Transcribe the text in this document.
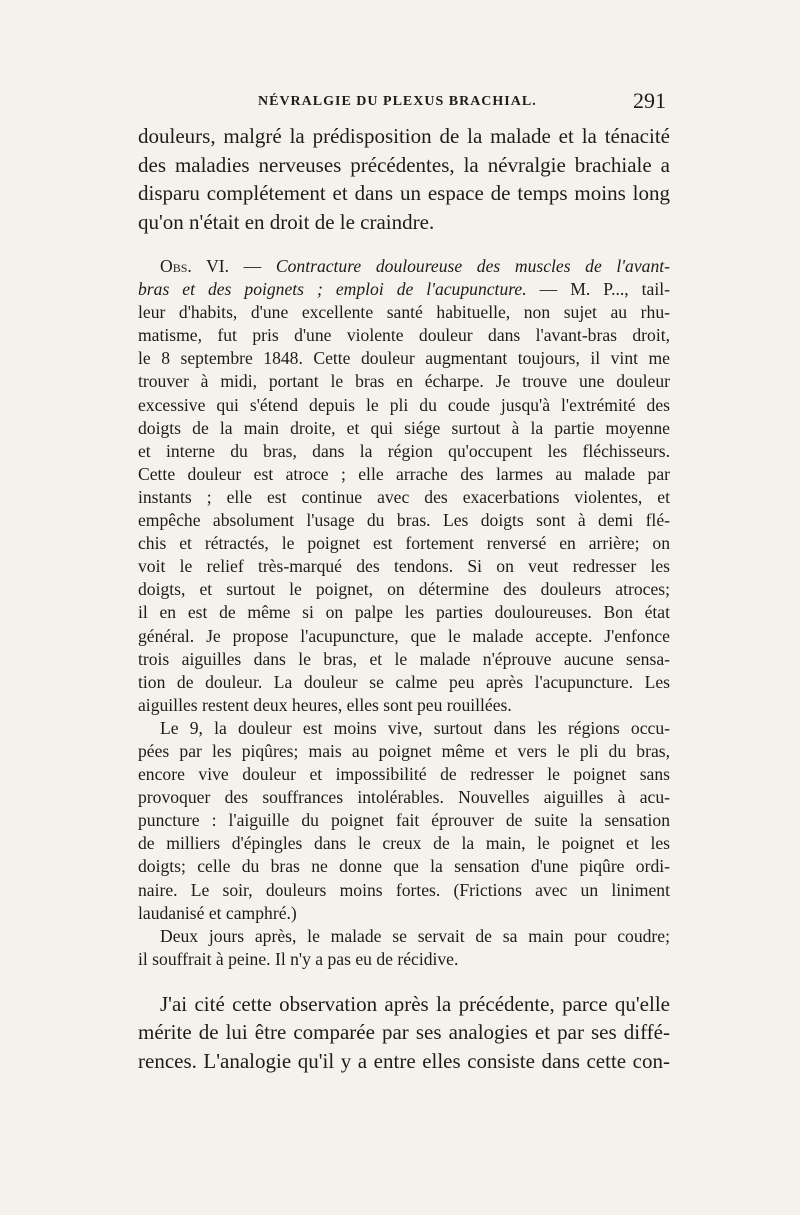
NÉVRALGIE DU PLEXUS BRACHIAL.	291
douleurs, malgré la prédisposition de la malade et la ténacité
des maladies nerveuses précédentes, la névralgie brachiale a
disparu complétement et dans un espace de temps moins long
qu'on n'était en droit de le craindre.
Obs. VI. — Contracture douloureuse des muscles de l'avant-
bras et des poignets ; emploi de l'acupuncture. — M. P..., tail-
leur d'habits, d'une excellente santé habituelle, non sujet au rhu-
matisme, fut pris d'une violente douleur dans l'avant-bras droit,
le 8 septembre 1848. Cette douleur augmentant toujours, il vint me
trouver à midi, portant le bras en écharpe. Je trouve une douleur
excessive qui s'étend depuis le pli du coude jusqu'à l'extrémité des
doigts de la main droite, et qui siége surtout à la partie moyenne
et interne du bras, dans la région qu'occupent les fléchisseurs.
Cette douleur est atroce ; elle arrache des larmes au malade par
instants ; elle est continue avec des exacerbations violentes, et
empêche absolument l'usage du bras. Les doigts sont à demi flé-
chis et rétractés, le poignet est fortement renversé en arrière; on
voit le relief très-marqué des tendons. Si on veut redresser les
doigts, et surtout le poignet, on détermine des douleurs atroces;
il en est de même si on palpe les parties douloureuses. Bon état
général. Je propose l'acupuncture, que le malade accepte. J'enfonce
trois aiguilles dans le bras, et le malade n'éprouve aucune sensa-
tion de douleur. La douleur se calme peu après l'acupuncture. Les
aiguilles restent deux heures, elles sont peu rouillées.
Le 9, la douleur est moins vive, surtout dans les régions occu-
pées par les piqûres; mais au poignet même et vers le pli du bras,
encore vive douleur et impossibilité de redresser le poignet sans
provoquer des souffrances intolérables. Nouvelles aiguilles à acu-
puncture : l'aiguille du poignet fait éprouver de suite la sensation
de milliers d'épingles dans le creux de la main, le poignet et les
doigts; celle du bras ne donne que la sensation d'une piqûre ordi-
naire. Le soir, douleurs moins fortes. (Frictions avec un liniment
laudanisé et camphré.)
Deux jours après, le malade se servait de sa main pour coudre;
il souffrait à peine. Il n'y a pas eu de récidive.
J'ai cité cette observation après la précédente, parce qu'elle
mérite de lui être comparée par ses analogies et par ses diffé-
rences. L'analogie qu'il y a entre elles consiste dans cette con-
